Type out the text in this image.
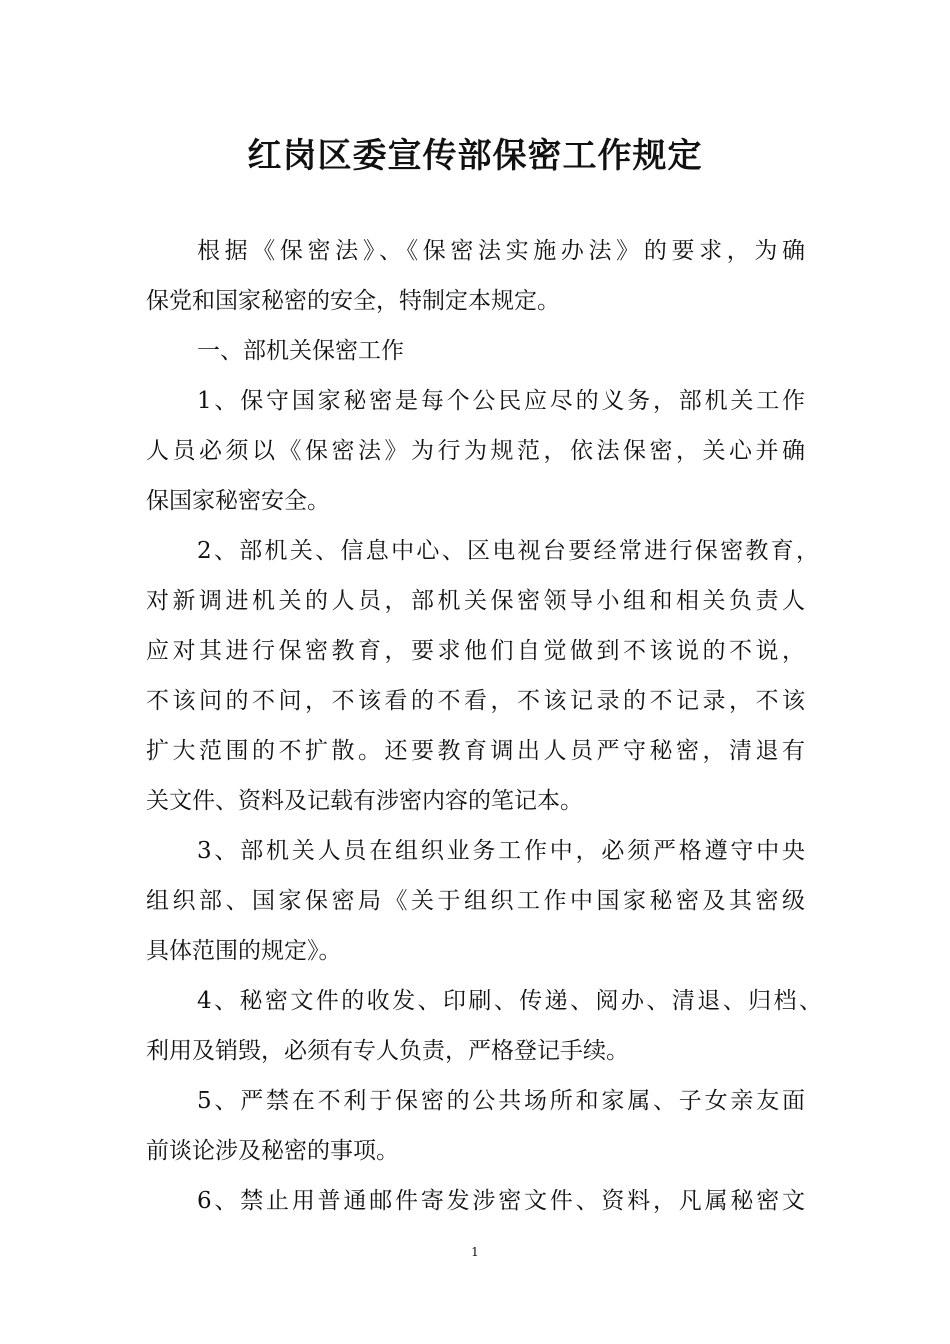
红岗区委宣传部保密工作规定
根据《保密法》、《保密法实施办法》的要求，为确
保党和国家秘密的安全，特制定本规定。
一、部机关保密工作
1、保守国家秘密是每个公民应尽的义务，部机关工作
人员必须以《保密法》为行为规范，依法保密，关心并确
保国家秘密安全。
2、部机关、信息中心、区电视台要经常进行保密教育，
对新调进机关的人员，部机关保密领导小组和相关负责人
应对其进行保密教育，要求他们自觉做到不该说的不说，
不该问的不问，不该看的不看，不该记录的不记录，不该
扩大范围的不扩散。还要教育调出人员严守秘密，清退有
关文件、资料及记载有涉密内容的笔记本。
3、部机关人员在组织业务工作中，必须严格遵守中央
组织部、国家保密局《关于组织工作中国家秘密及其密级
具体范围的规定》。
4、秘密文件的收发、印刷、传递、阅办、清退、归档、
利用及销毁，必须有专人负责，严格登记手续。
5、严禁在不利于保密的公共场所和家属、子女亲友面
前谈论涉及秘密的事项。
6、禁止用普通邮件寄发涉密文件、资料，凡属秘密文
1
